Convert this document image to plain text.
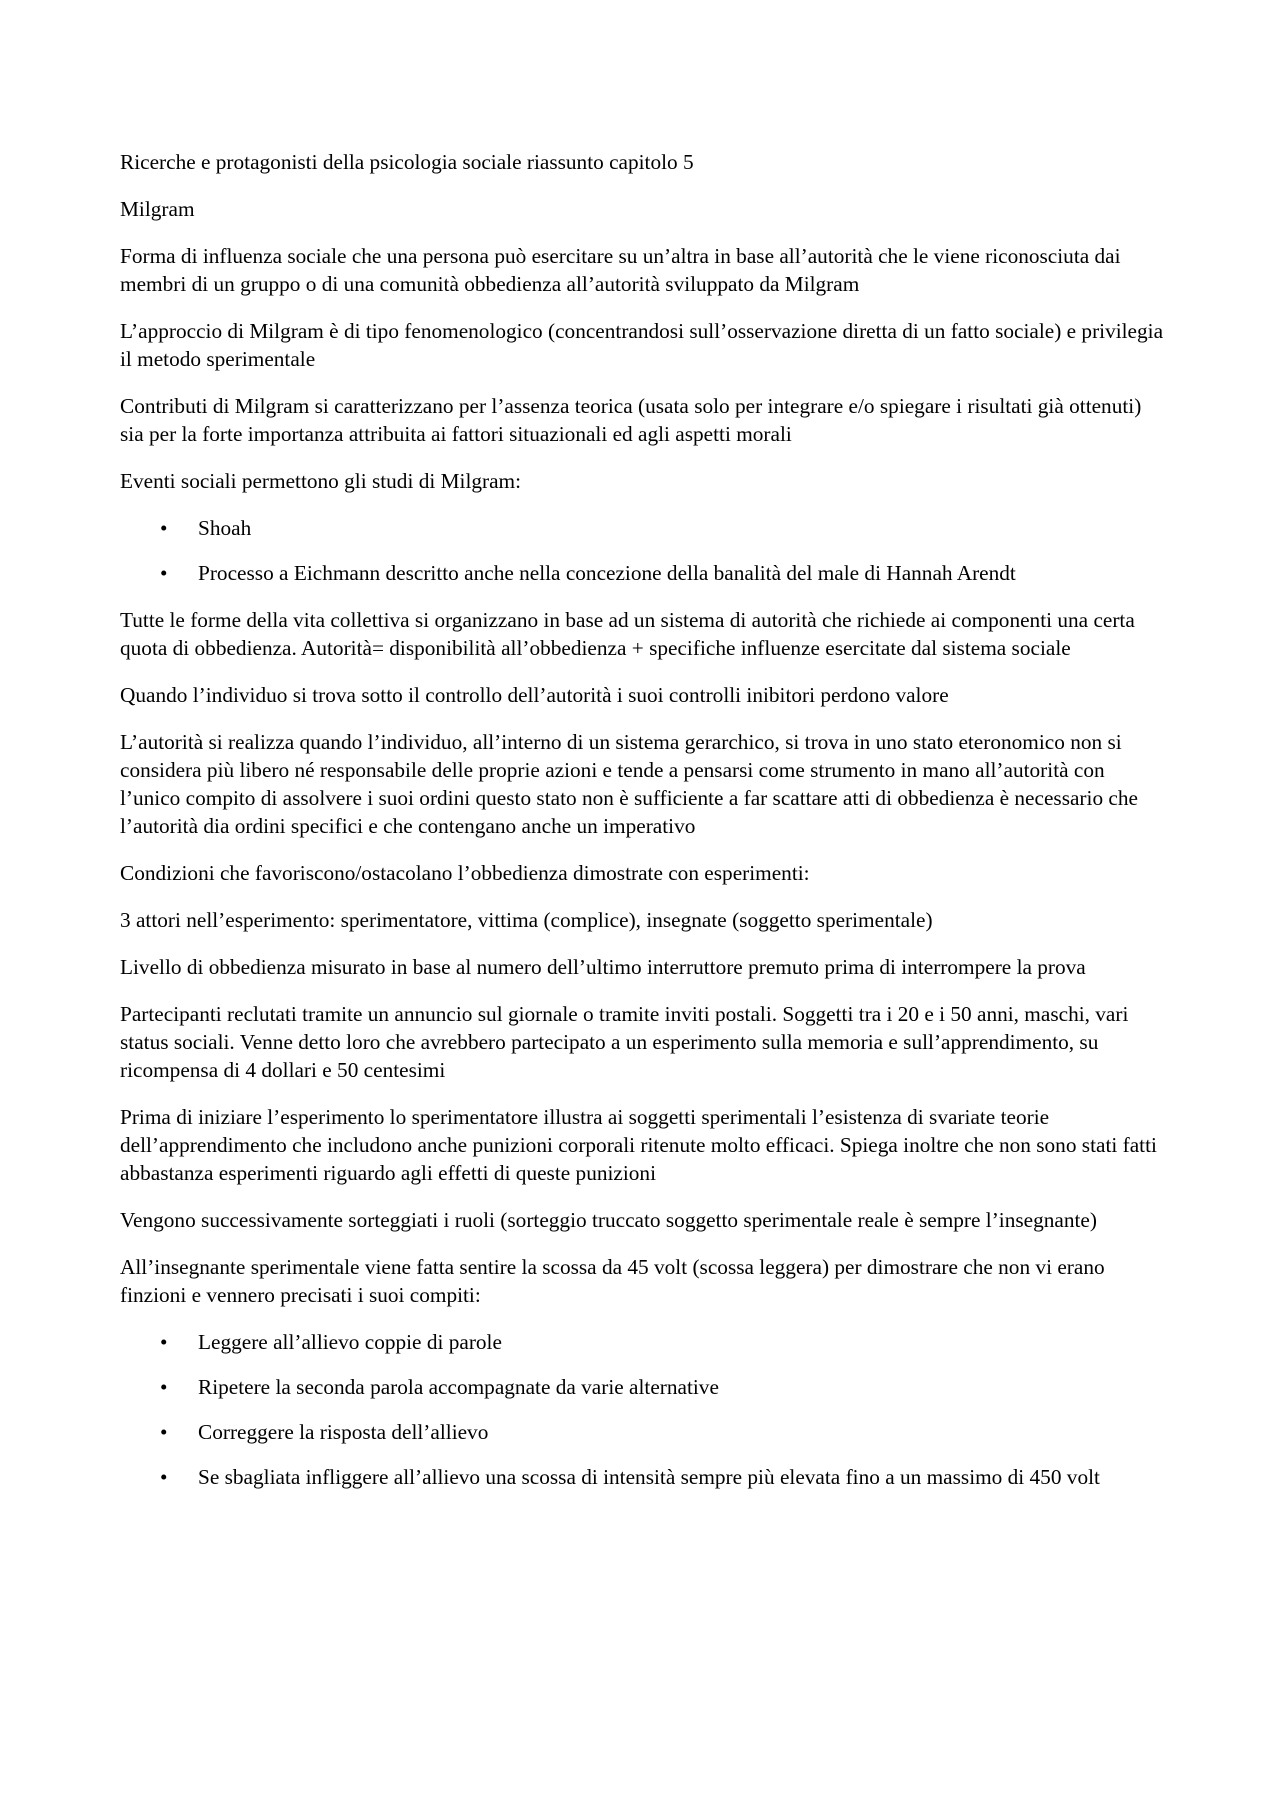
Ricerche e protagonisti della psicologia sociale riassunto capitolo 5

Milgram

Forma di influenza sociale che una persona può esercitare su un’altra in base all’autorità che le viene riconosciuta dai membri di un gruppo o di una comunità obbedienza all’autorità sviluppato da Milgram

L’approccio di Milgram è di tipo fenomenologico (concentrandosi sull’osservazione diretta di un fatto sociale) e privilegia il metodo sperimentale

Contributi di Milgram si caratterizzano per l’assenza teorica (usata solo per integrare e/o spiegare i risultati già ottenuti) sia per la forte importanza attribuita ai fattori situazionali ed agli aspetti morali

Eventi sociali permettono gli studi di Milgram:

• Shoah
• Processo a Eichmann descritto anche nella concezione della banalità del male di Hannah Arendt

Tutte le forme della vita collettiva si organizzano in base ad un sistema di autorità che richiede ai componenti una certa quota di obbedienza. Autorità= disponibilità all’obbedienza + specifiche influenze esercitate dal sistema sociale

Quando l’individuo si trova sotto il controllo dell’autorità i suoi controlli inibitori perdono valore

L’autorità si realizza quando l’individuo, all’interno di un sistema gerarchico, si trova in uno stato eteronomico non si considera più libero né responsabile delle proprie azioni e tende a pensarsi come strumento in mano all’autorità con l’unico compito di assolvere i suoi ordini questo stato non è sufficiente a far scattare atti di obbedienza è necessario che l’autorità dia ordini specifici e che contengano anche un imperativo

Condizioni che favoriscono/ostacolano l’obbedienza dimostrate con esperimenti:

3 attori nell’esperimento: sperimentatore, vittima (complice), insegnate (soggetto sperimentale)

Livello di obbedienza misurato in base al numero dell’ultimo interruttore premuto prima di interrompere la prova

Partecipanti reclutati tramite un annuncio sul giornale o tramite inviti postali. Soggetti tra i 20 e i 50 anni, maschi, vari status sociali. Venne detto loro che avrebbero partecipato a un esperimento sulla memoria e sull’apprendimento, su ricompensa di 4 dollari e 50 centesimi

Prima di iniziare l’esperimento lo sperimentatore illustra ai soggetti sperimentali l’esistenza di svariate teorie dell’apprendimento che includono anche punizioni corporali ritenute molto efficaci. Spiega inoltre che non sono stati fatti abbastanza esperimenti riguardo agli effetti di queste punizioni

Vengono successivamente sorteggiati i ruoli (sorteggio truccato soggetto sperimentale reale è sempre l’insegnante)

All’insegnante sperimentale viene fatta sentire la scossa da 45 volt (scossa leggera) per dimostrare che non vi erano finzioni e vennero precisati i suoi compiti:

• Leggere all’allievo coppie di parole
• Ripetere la seconda parola accompagnate da varie alternative
• Correggere la risposta dell’allievo
• Se sbagliata infliggere all’allievo una scossa di intensità sempre più elevata fino a un massimo di 450 volt
